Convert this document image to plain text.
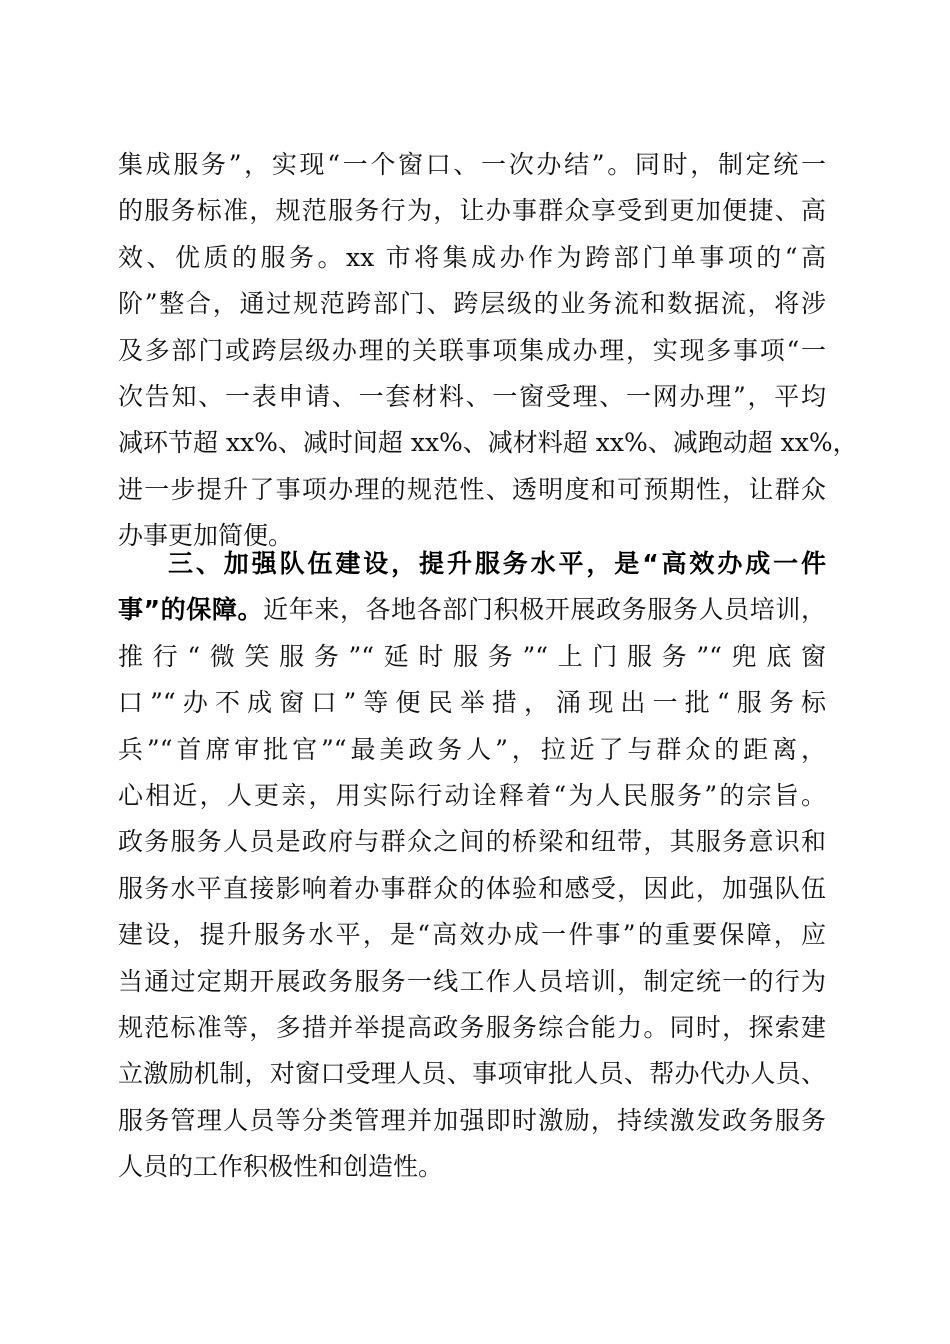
集成服务”，实现“一个窗口、一次办结”。同时，制定统一
的服务标准，规范服务行为，让办事群众享受到更加便捷、高
效、优质的服务。xx 市将集成办作为跨部门单事项的“高
阶”整合，通过规范跨部门、跨层级的业务流和数据流，将涉
及多部门或跨层级办理的关联事项集成办理，实现多事项“一
次告知、一表申请、一套材料、一窗受理、一网办理”，平均
减环节超 xx%、减时间超 xx%、减材料超 xx%、减跑动超 xx%，
进一步提升了事项办理的规范性、透明度和可预期性，让群众
办事更加简便。
三、加强队伍建设，提升服务水平，是“高效办成一件
事”的保障。近年来，各地各部门积极开展政务服务人员培训，
推行“微笑服务”“延时服务”“上门服务”“兜底窗
口”“办不成窗口”等便民举措，涌现出一批“服务标
兵”“首席审批官”“最美政务人”，拉近了与群众的距离，
心相近，人更亲，用实际行动诠释着“为人民服务”的宗旨。
政务服务人员是政府与群众之间的桥梁和纽带，其服务意识和
服务水平直接影响着办事群众的体验和感受，因此，加强队伍
建设，提升服务水平，是“高效办成一件事”的重要保障，应
当通过定期开展政务服务一线工作人员培训，制定统一的行为
规范标准等，多措并举提高政务服务综合能力。同时，探索建
立激励机制，对窗口受理人员、事项审批人员、帮办代办人员、
服务管理人员等分类管理并加强即时激励，持续激发政务服务
人员的工作积极性和创造性。
